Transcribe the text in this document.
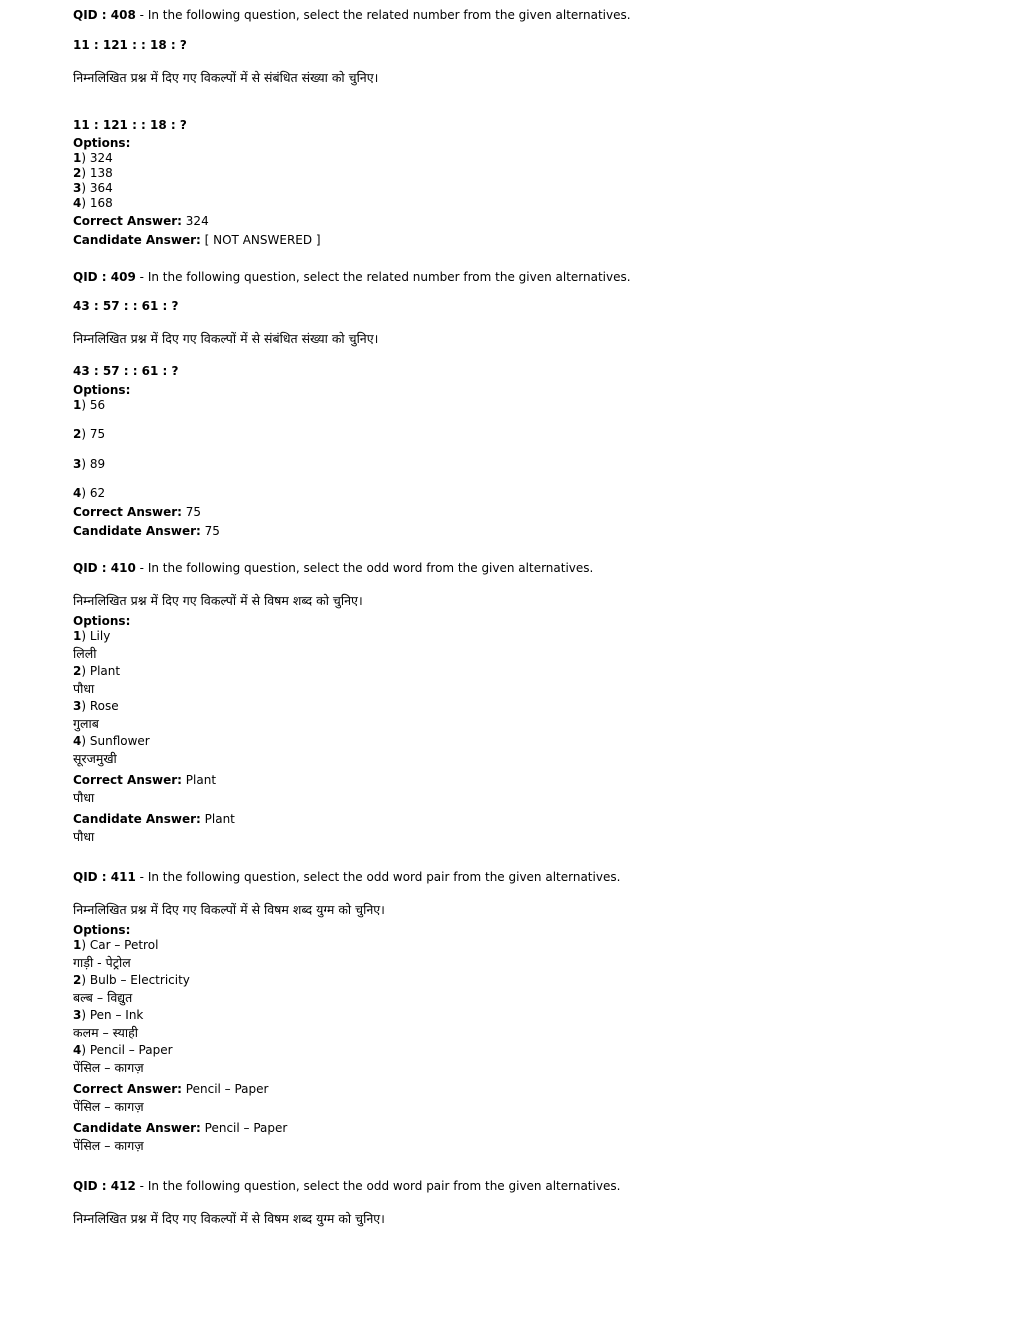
QID : 408 - In the following question, select the related number from the given alternatives.
11 : 121 : : 18 : ?
निम्नलिखित प्रश्न में दिए गए विकल्पों में से संबंधित संख्या को चुनिए।
11 : 121 : : 18 : ?
Options:
1) 324
2) 138
3) 364
4) 168
Correct Answer: 324
Candidate Answer: [ NOT ANSWERED ]
QID : 409 - In the following question, select the related number from the given alternatives.
43 : 57 : : 61 : ?
निम्नलिखित प्रश्न में दिए गए विकल्पों में से संबंधित संख्या को चुनिए।
43 : 57 : : 61 : ?
Options:
1) 56
2) 75
3) 89
4) 62
Correct Answer: 75
Candidate Answer: 75
QID : 410 - In the following question, select the odd word from the given alternatives.
निम्नलिखित प्रश्न में दिए गए विकल्पों में से विषम शब्द को चुनिए।
Options:
1) Lily
लिली
2) Plant
पौधा
3) Rose
गुलाब
4) Sunflower
सूरजमुखी
Correct Answer: Plant
पौधा
Candidate Answer: Plant
पौधा
QID : 411 - In the following question, select the odd word pair from the given alternatives.
निम्नलिखित प्रश्न में दिए गए विकल्पों में से विषम शब्द युग्म को चुनिए।
Options:
1) Car – Petrol
गाड़ी - पेट्रोल
2) Bulb – Electricity
बल्ब – विद्युत
3) Pen – Ink
कलम – स्याही
4) Pencil – Paper
पेंसिल – कागज़
Correct Answer: Pencil – Paper
पेंसिल – कागज़
Candidate Answer: Pencil – Paper
पेंसिल – कागज़
QID : 412 - In the following question, select the odd word pair from the given alternatives.
निम्नलिखित प्रश्न में दिए गए विकल्पों में से विषम शब्द युग्म को चुनिए।
